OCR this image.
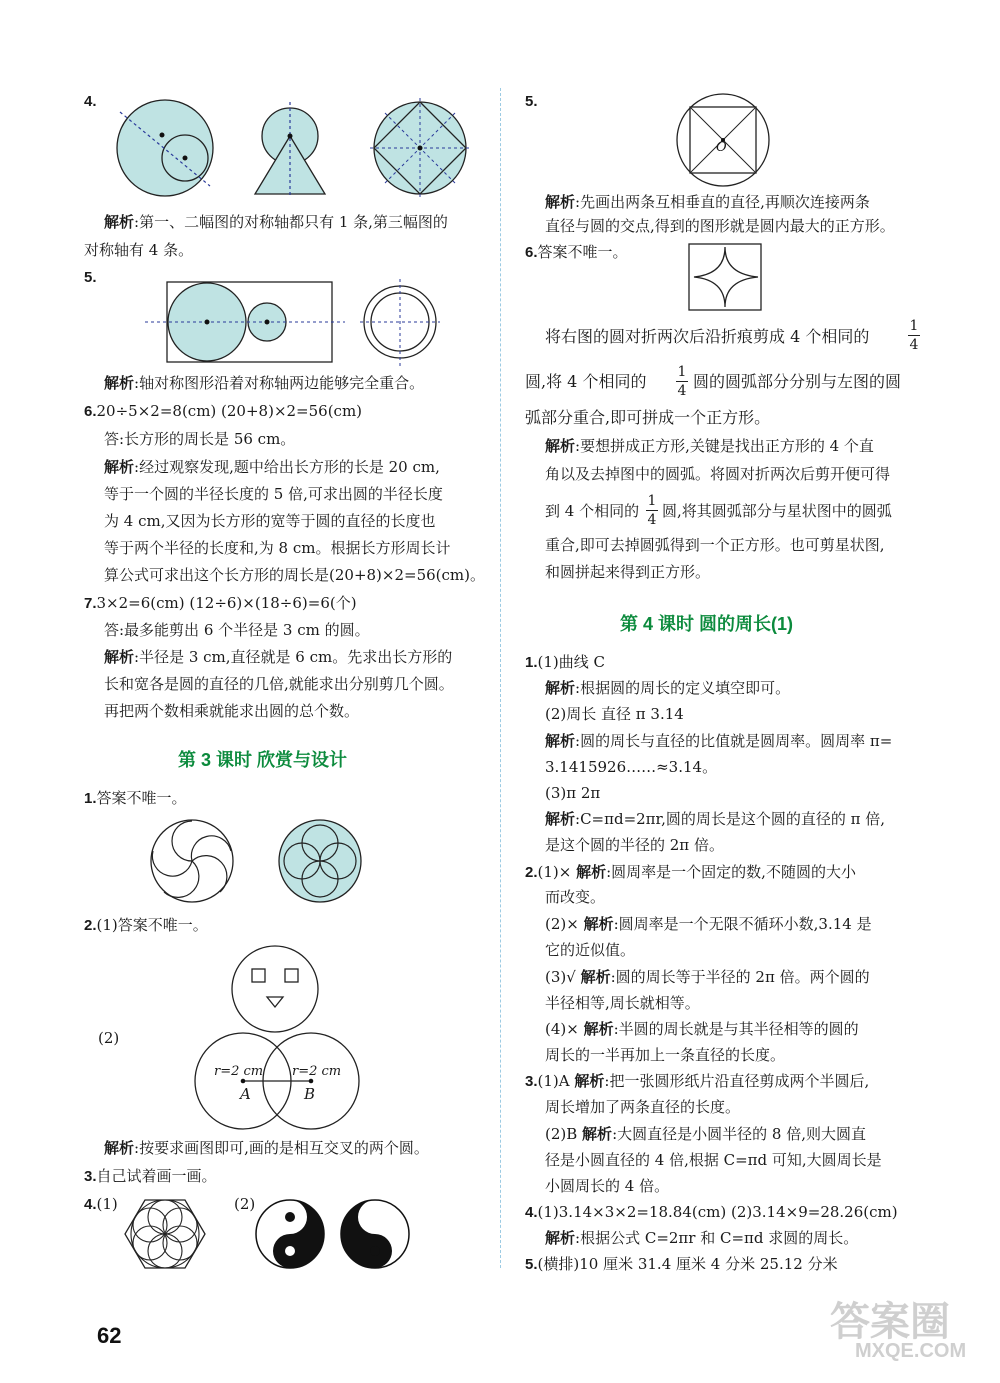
4.
解析:第一、二幅图的对称轴都只有 1 条,第三幅图的
对称轴有 4 条。
5.
解析:轴对称图形沿着对称轴两边能够完全重合。
6.20÷5×2=8(cm) (20+8)×2=56(cm)
答:长方形的周长是 56 cm。
解析:经过观察发现,题中给出长方形的长是 20 cm,
等于一个圆的半径长度的 5 倍,可求出圆的半径长度
为 4 cm,又因为长方形的宽等于圆的直径的长度也
等于两个半径的长度和,为 8 cm。根据长方形周长计
算公式可求出这个长方形的周长是(20+8)×2=56(cm)。
7.3×2=6(cm) (12÷6)×(18÷6)=6(个)
答:最多能剪出 6 个半径是 3 cm 的圆。
解析:半径是 3 cm,直径就是 6 cm。先求出长方形的
长和宽各是圆的直径的几倍,就能求出分别剪几个圆。
再把两个数相乘就能求出圆的总个数。
第 3 课时 欣赏与设计
1.答案不唯一。
2.(1)答案不唯一。
(2)
r=2 cm r=2 cm
A	B
解析:按要求画图即可,画的是相互交叉的两个圆。
3.自己试着画一画。
4.(1)	(2)
5.
O
解析:先画出两条互相垂直的直径,再顺次连接两条
直径与圆的交点,得到的图形就是圆内最大的正方形。
6.答案不唯一。
将右图的圆对折两次后沿折痕剪成 4 个相同的
1
4
圆,将 4 个相同的 1
4 圆的圆弧部分分别与左图的圆
弧部分重合,即可拼成一个正方形。
解析:要想拼成正方形,关键是找出正方形的 4 个直
角以及去掉图中的圆弧。将圆对折两次后剪开便可得
到 4 个相同的
1
4 圆,将其圆弧部分与星状图中的圆弧
重合,即可去掉圆弧得到一个正方形。也可剪星状图,
和圆拼起来得到正方形。
第 4 课时 圆的周长(1)
1.(1)曲线 C
解析:根据圆的周长的定义填空即可。
(2)周长 直径 π 3.14
解析:圆的周长与直径的比值就是圆周率。圆周率 π=
3.1415926……≈3.14。
(3)π 2π
解析:C=πd=2πr,圆的周长是这个圆的直径的 π 倍,
是这个圆的半径的 2π 倍。
2.(1)× 解析:圆周率是一个固定的数,不随圆的大小
而改变。
(2)× 解析:圆周率是一个无限不循环小数,3.14 是
它的近似值。
(3)√ 解析:圆的周长等于半径的 2π 倍。两个圆的
半径相等,周长就相等。
(4)× 解析:半圆的周长就是与其半径相等的圆的
周长的一半再加上一条直径的长度。
3.(1)A 解析:把一张圆形纸片沿直径剪成两个半圆后,
周长增加了两条直径的长度。
(2)B 解析:大圆直径是小圆半径的 8 倍,则大圆直
径是小圆直径的 4 倍,根据 C=πd 可知,大圆周长是
小圆周长的 4 倍。
4.(1)3.14×3×2=18.84(cm) (2)3.14×9=28.26(cm)
解析:根据公式 C=2πr 和 C=πd 求圆的周长。
5.(横排)10 厘米 31.4 厘米 4 分米 25.12 分米
62	答案圈
MXQE.COM
